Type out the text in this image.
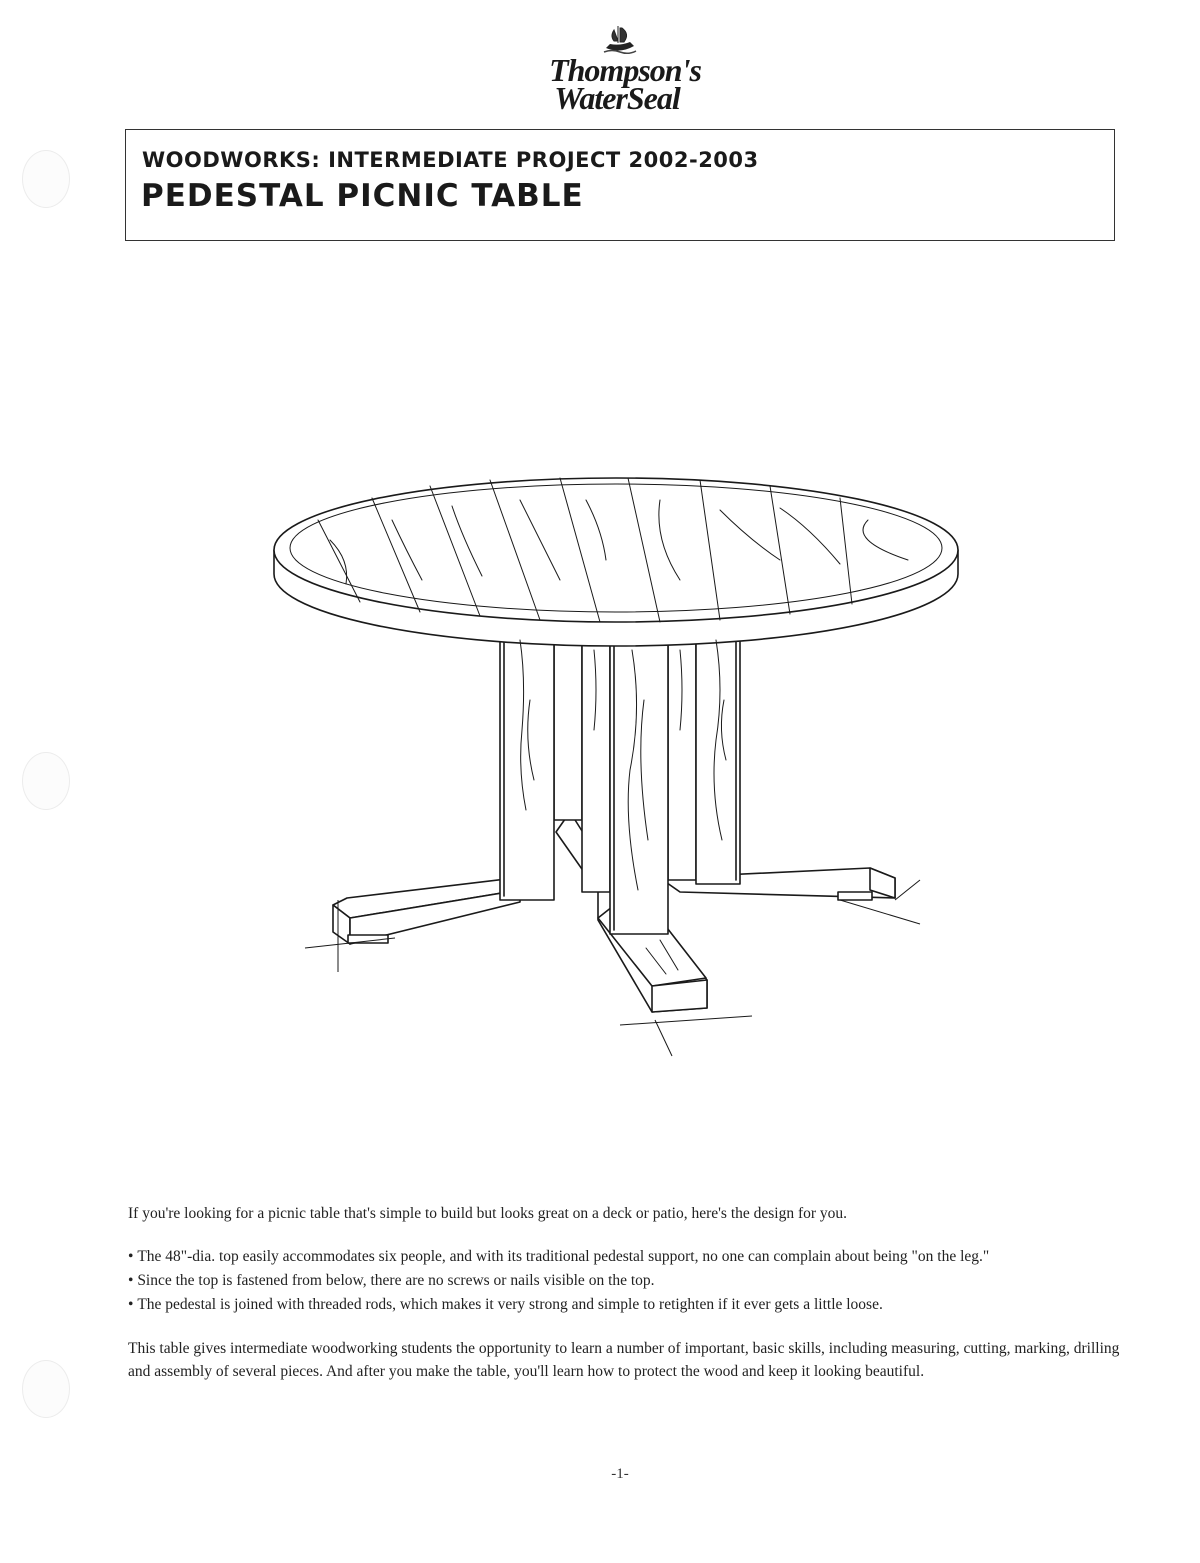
Thompson's
WaterSeal
WOODWORKS: INTERMEDIATE PROJECT 2002-2003
PEDESTAL PICNIC TABLE
If you're looking for a picnic table that's simple to build but looks great on a deck or patio, here's the design for you.
• The 48"-dia. top easily accommodates six people, and with its traditional pedestal support, no one can complain about being "on the leg."
• Since the top is fastened from below, there are no screws or nails visible on the top.
• The pedestal is joined with threaded rods, which makes it very strong and simple to retighten if it ever gets a little loose.
This table gives intermediate woodworking students the opportunity to learn a number of important, basic skills, including measuring, cutting, marking, drilling and assembly of several pieces. And after you make the table, you'll learn how to protect the wood and keep it looking beautiful.
-1-
